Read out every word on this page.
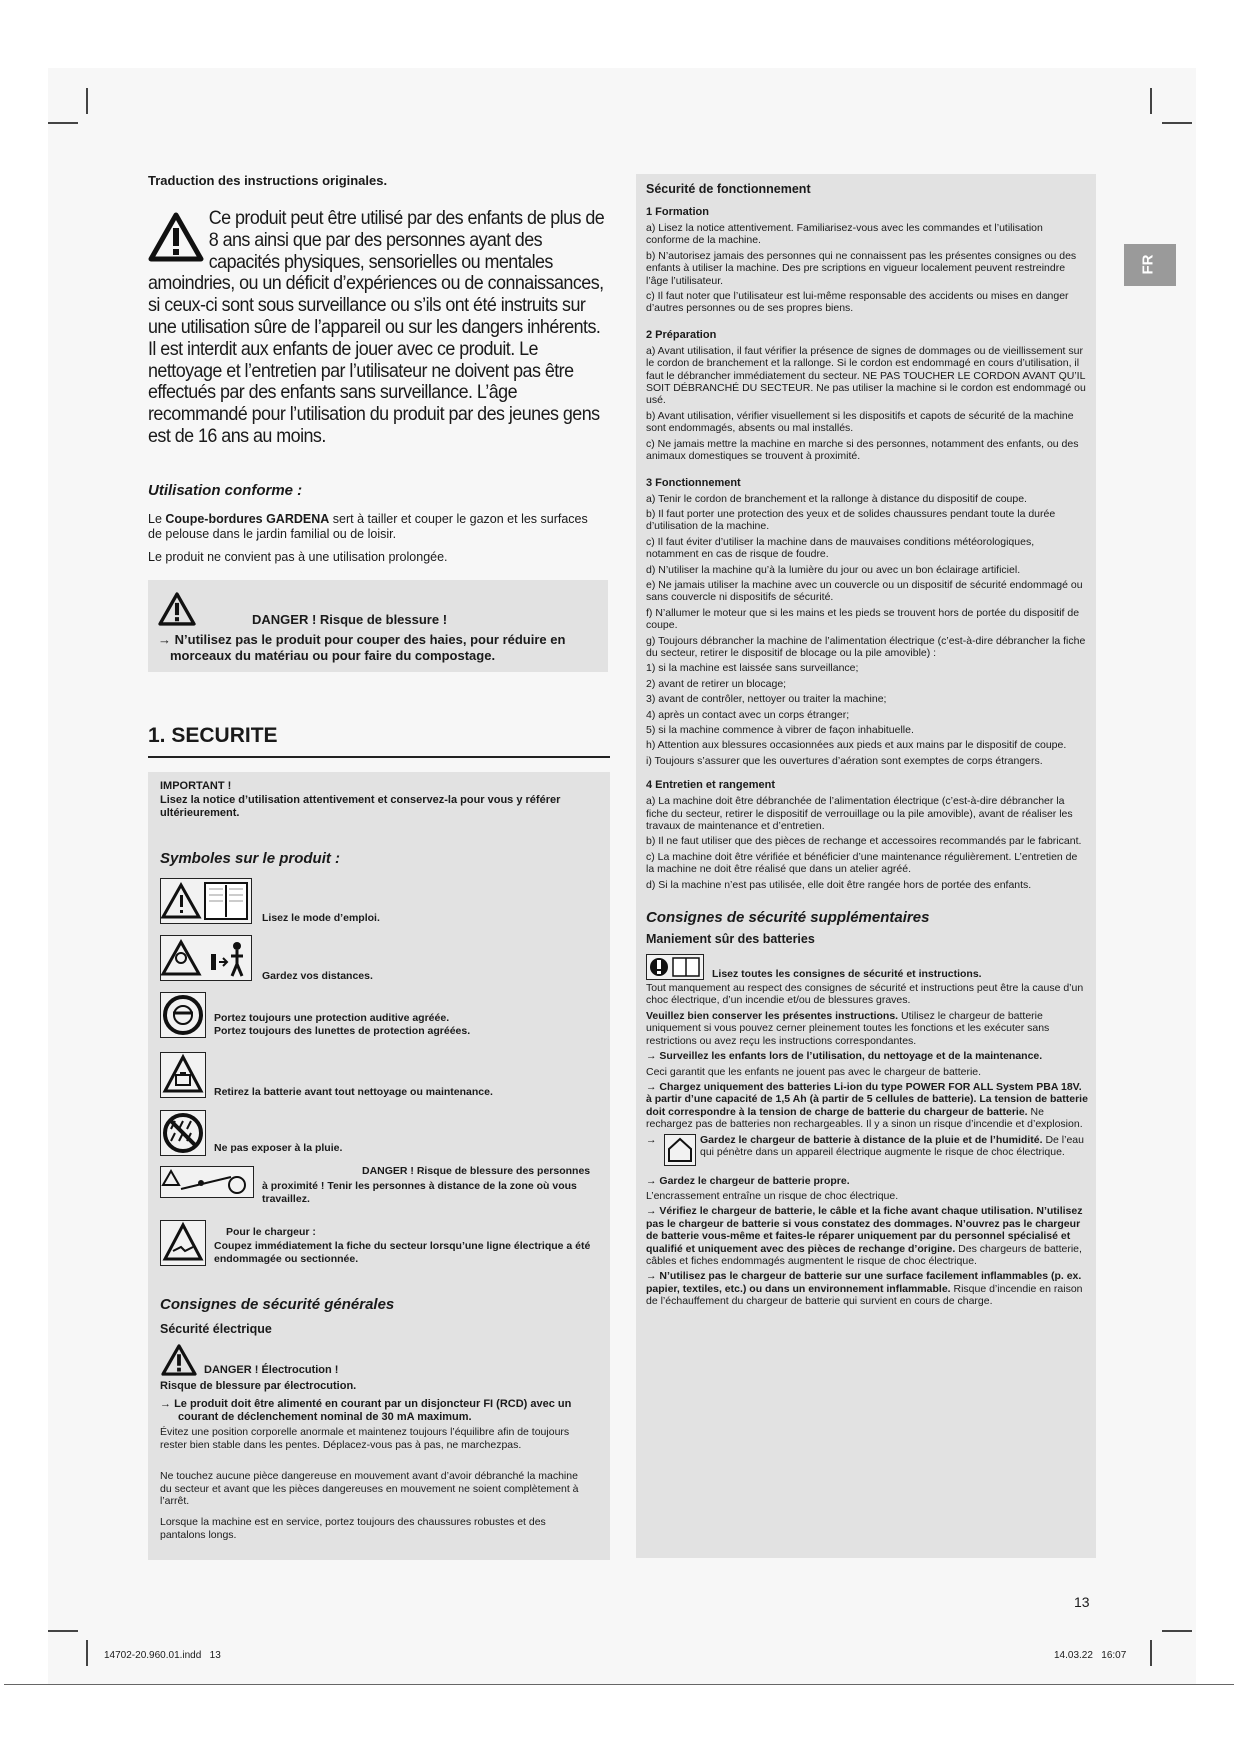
FR
Traduction des instructions originales.

Ce produit peut être utilisé par des enfants de plus de 8 ans ainsi que par des personnes ayant des capacités physiques, sensorielles ou mentales amoindries, ou un déficit d’expériences ou de connaissances, si ceux-ci sont sous surveillance ou s’ils ont été instruits sur une utilisation sûre de l’appareil ou sur les dangers inhérents. Il est interdit aux enfants de jouer avec ce produit. Le nettoyage et l’entretien par l’utilisateur ne doivent pas être effectués par des enfants sans surveillance. L’âge recommandé pour l’utilisation du produit par des jeunes gens est de 16 ans au moins.

Utilisation conforme :

Le Coupe-bordures GARDENA sert à tailler et couper le gazon et les surfaces de pelouse dans le jardin familial ou de loisir.

Le produit ne convient pas à une utilisation prolongée.

DANGER ! Risque de blessure !
→ N’utilisez pas le produit pour couper des haies, pour réduire en morceaux du matériau ou pour faire du compostage.
1. SECURITE
IMPORTANT !
Lisez la notice d’utilisation attentivement et conservez-la pour vous y référer ultérieurement.
Symboles sur le produit :
Lisez le mode d’emploi.
Gardez vos distances.
Portez toujours une protection auditive agréée.
Portez toujours des lunettes de protection agréées.
Retirez la batterie avant tout nettoyage ou maintenance.
Ne pas exposer à la pluie.
DANGER ! Risque de blessure des personnes
à proximité ! Tenir les personnes à distance de la zone où vous travaillez.
Pour le chargeur :
Coupez immédiatement la fiche du secteur lorsqu’une ligne électrique a été endommagée ou sectionnée.
Consignes de sécurité générales
Sécurité électrique
DANGER ! Électrocution !
Risque de blessure par électrocution.
→ Le produit doit être alimenté en courant par un disjoncteur FI (RCD) avec un courant de déclenchement nominal de 30 mA maximum.
Évitez une position corporelle anormale et maintenez toujours l’équilibre afin de toujours rester bien stable dans les pentes. Déplacez-vous pas à pas, ne marchezpas.
Ne touchez aucune pièce dangereuse en mouvement avant d’avoir débranché la machine du secteur et avant que les pièces dangereuses en mouvement ne soient complètement à l’arrêt.
Lorsque la machine est en service, portez toujours des chaussures robustes et des pantalons longs.
Sécurité de fonctionnement
1 Formation

a) Lisez la notice attentivement. Familiarisez-vous avec les commandes et l’utilisation conforme de la machine.

b) N’autorisez jamais des personnes qui ne connaissent pas les présentes consignes ou des enfants à utiliser la machine. Des pre scriptions en vigueur localement peuvent restreindre l’âge l’utilisateur.

c) Il faut noter que l’utilisateur est lui-même responsable des accidents ou mises en danger d’autres personnes ou de ses propres biens.

2 Préparation

a) Avant utilisation, il faut vérifier la présence de signes de dommages ou de vieillissement sur le cordon de branchement et la rallonge. Si le cordon est endommagé en cours d’utilisation, il faut le débrancher immédiatement du secteur. NE PAS TOUCHER LE CORDON AVANT QU’IL SOIT DÉBRANCHÉ DU SECTEUR. Ne pas utiliser la machine si le cordon est endommagé ou usé.

b) Avant utilisation, vérifier visuellement si les dispositifs et capots de sécurité de la machine sont endommagés, absents ou mal installés.

c) Ne jamais mettre la machine en marche si des personnes, notamment des enfants, ou des animaux domestiques se trouvent à proximité.

3 Fonctionnement

a) Tenir le cordon de branchement et la rallonge à distance du dispositif de coupe.

b) Il faut porter une protection des yeux et de solides chaussures pendant toute la durée d’utilisation de la machine.

c) Il faut éviter d’utiliser la machine dans de mauvaises conditions météorologiques, notamment en cas de risque de foudre.

d) N’utiliser la machine qu’à la lumière du jour ou avec un bon éclairage artificiel.

e) Ne jamais utiliser la machine avec un couvercle ou un dispositif de sécurité endommagé ou sans couvercle ni dispositifs de sécurité.

f) N’allumer le moteur que si les mains et les pieds se trouvent hors de portée du dispositif de coupe.

g) Toujours débrancher la machine de l’alimentation électrique (c’est-à-dire débrancher la fiche du secteur, retirer le dispositif de blocage ou la pile amovible) :

1) si la machine est laissée sans surveillance;

2) avant de retirer un blocage;

3) avant de contrôler, nettoyer ou traiter la machine;

4) après un contact avec un corps étranger;

5) si la machine commence à vibrer de façon inhabituelle.

h) Attention aux blessures occasionnées aux pieds et aux mains par le dispositif de coupe.

i) Toujours s’assurer que les ouvertures d’aération sont exemptes de corps étrangers.

4 Entretien et rangement

a) La machine doit être débranchée de l’alimentation électrique (c’est-à-dire débrancher la fiche du secteur, retirer le dispositif de verrouillage ou la pile amovible), avant de réaliser les travaux de maintenance et d’entretien.

b) Il ne faut utiliser que des pièces de rechange et accessoires recommandés par le fabricant.

c) La machine doit être vérifiée et bénéficier d’une maintenance régulièrement. L’entretien de la machine ne doit être réalisé que dans un atelier agréé.

d) Si la machine n’est pas utilisée, elle doit être rangée hors de portée des enfants.

Consignes de sécurité supplémentaires
Maniement sûr des batteries
Lisez toutes les consignes de sécurité et instructions.

Tout manquement au respect des consignes de sécurité et instructions peut être la cause d’un choc électrique, d’un incendie et/ou de blessures graves.

Veuillez bien conserver les présentes instructions. Utilisez le chargeur de batterie uniquement si vous pouvez cerner pleinement toutes les fonctions et les exécuter sans restrictions ou avez reçu les instructions correspondantes.

→ Surveillez les enfants lors de l’utilisation, du nettoyage et de la maintenance.

Ceci garantit que les enfants ne jouent pas avec le chargeur de batterie.

→ Chargez uniquement des batteries Li-ion du type POWER FOR ALL System PBA 18V. à partir d’une capacité de 1,5 Ah (à partir de 5 cellules de batterie). La tension de batterie doit correspondre à la tension de charge de batterie du chargeur de batterie. Ne rechargez pas de batteries non rechargeables. Il y a sinon un risque d’incendie et d’explosion.

→	Gardez le chargeur de batterie à distance de la pluie et de l’humidité. De l’eau qui pénètre dans un appareil électrique augmente le risque de choc électrique.

→ Gardez le chargeur de batterie propre.

L’encrassement entraîne un risque de choc électrique.

→ Vérifiez le chargeur de batterie, le câble et la fiche avant chaque utilisation. N’utilisez pas le chargeur de batterie si vous constatez des dommages. N’ouvrez pas le chargeur de batterie vous-même et faites-le réparer uniquement par du personnel spécialisé et qualifié et uniquement avec des pièces de rechange d’origine. Des chargeurs de batterie, câbles et fiches endommagés augmentent le risque de choc électrique.

→ N’utilisez pas le chargeur de batterie sur une surface facilement inflammables (p. ex. papier, textiles, etc.) ou dans un environnement inflammable. Risque d’incendie en raison de l’échauffement du chargeur de batterie qui survient en cours de charge.

13
14702-20.960.01.indd   13	14.03.22   16:07
